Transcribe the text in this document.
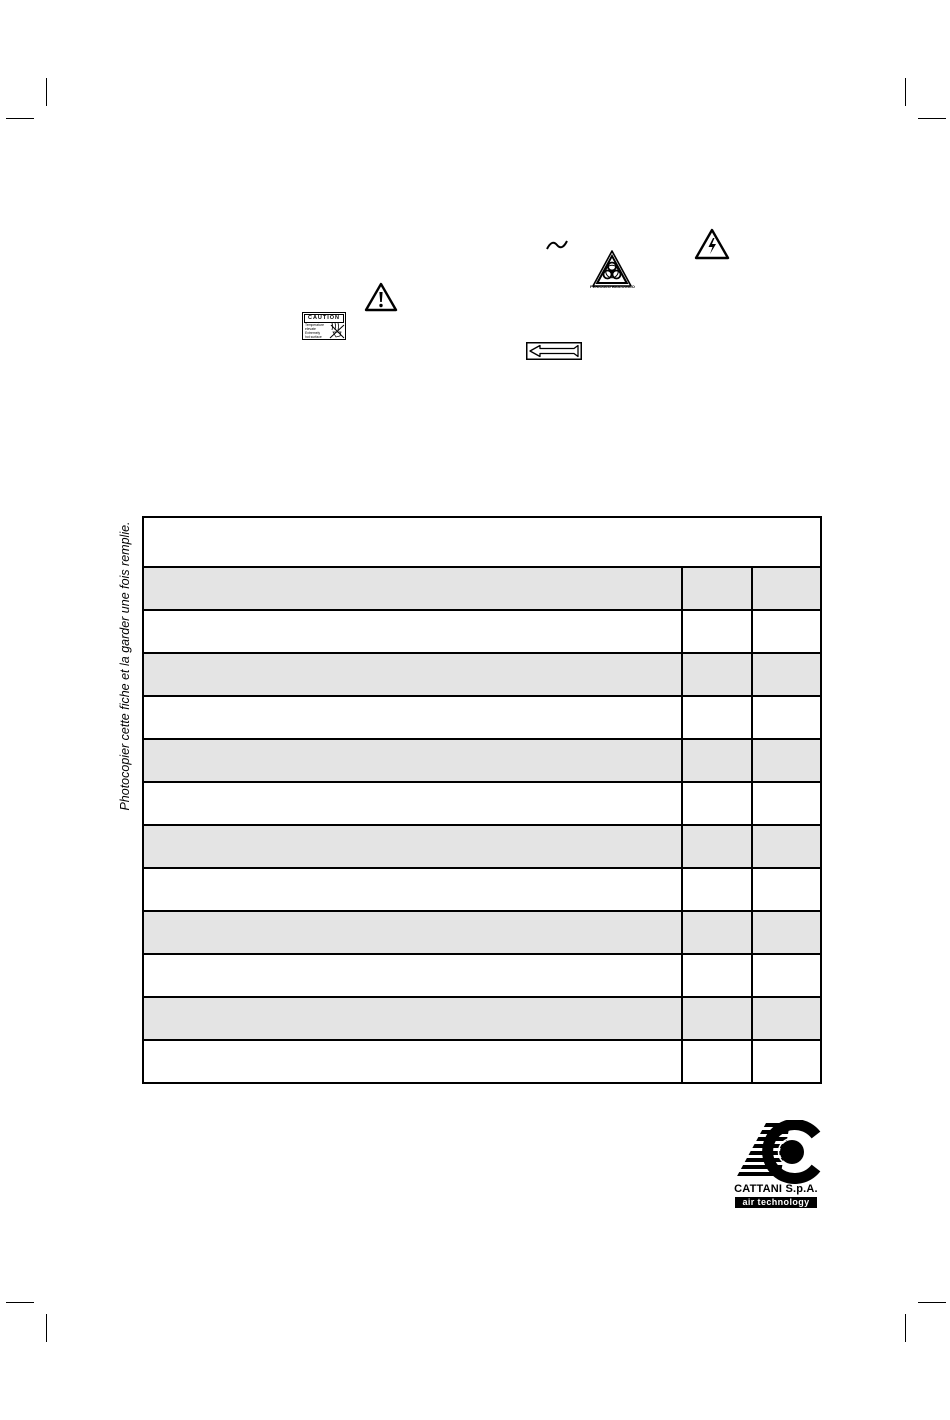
PERICOLO BIOLOGICO
CAUTION
Temperature
elevate
Extremely
hot surface
Photocopier cette fiche et la garder une fois remplie.
CATTANI S.p.A.
air technology
